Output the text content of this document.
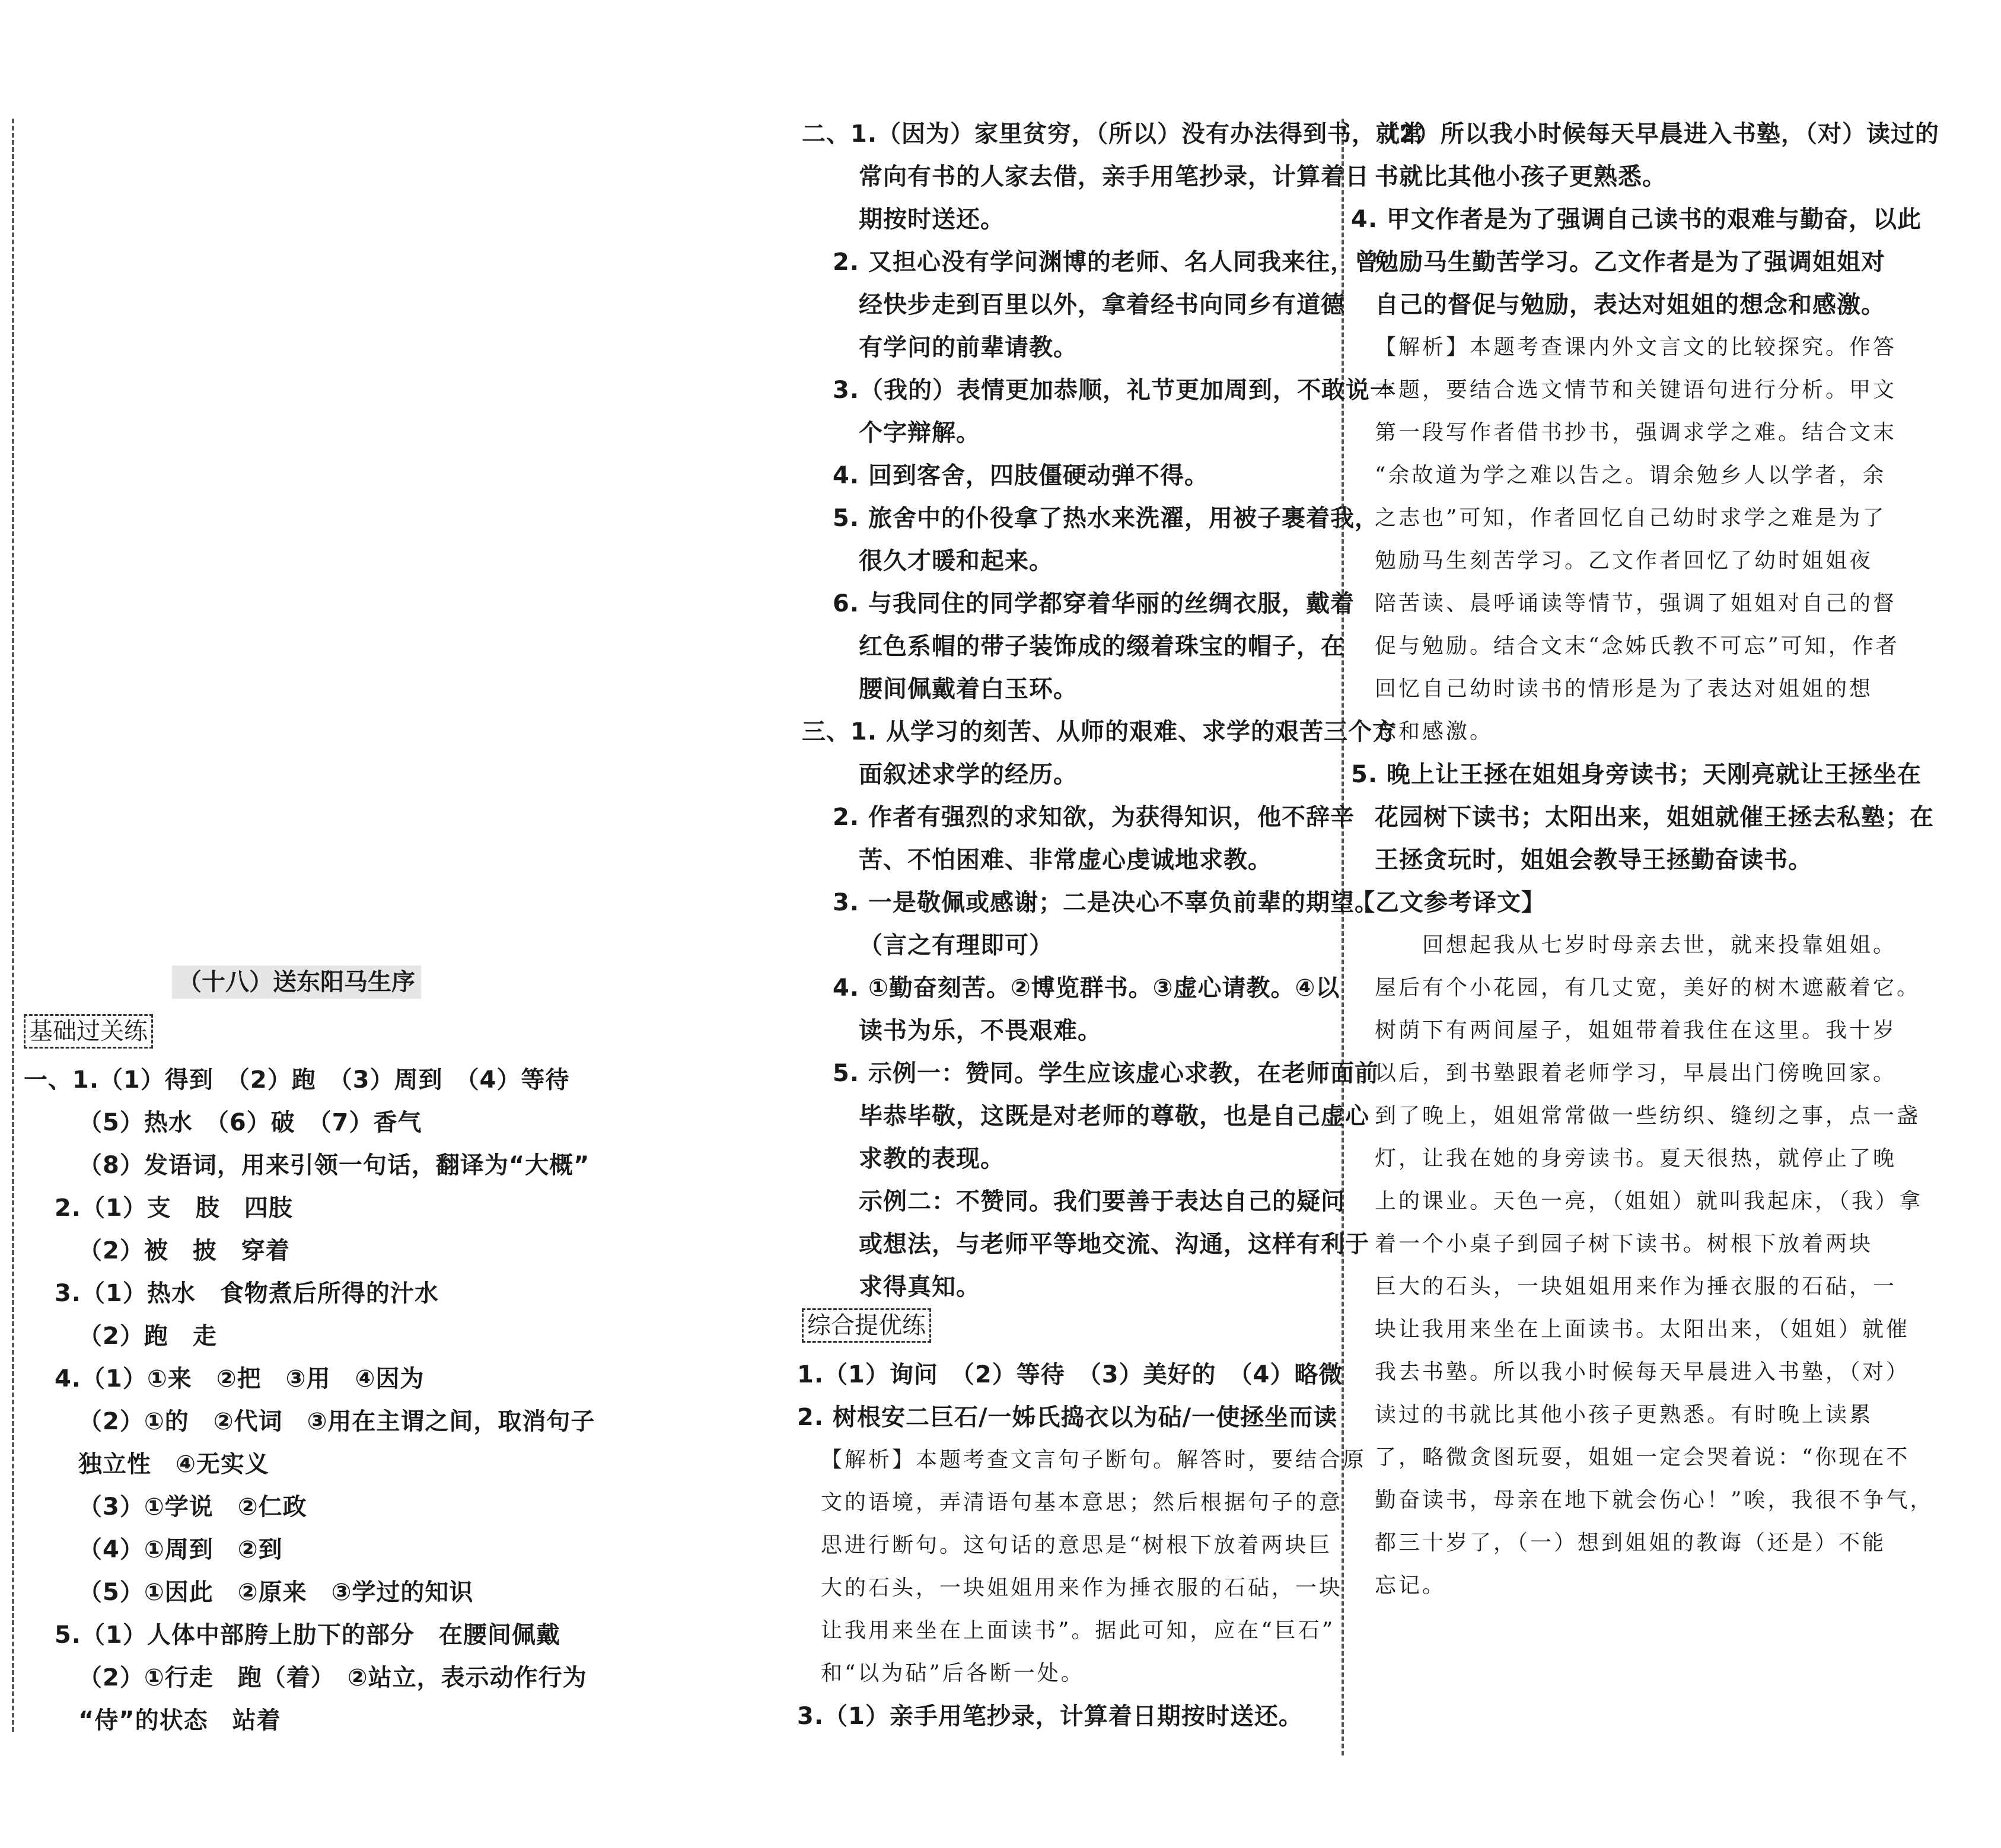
（十八）送东阳马生序
基础过关练
一、1.（1）得到　（2）跑　（3）周到　（4）等待
（5）热水　（6）破　（7）香气
（8）发语词，用来引领一句话，翻译为“大概”
2.（1）支　肢　四肢
（2）被　披　穿着
3.（1）热水　食物煮后所得的汁水
（2）跑　走
4.（1）①来　②把　③用　④因为
（2）①的　②代词　③用在主谓之间，取消句子
独立性　④无实义
（3）①学说　②仁政
（4）①周到　②到
（5）①因此　②原来　③学过的知识
5.（1）人体中部胯上肋下的部分　在腰间佩戴
（2）①行走　跑（着）　②站立，表示动作行为
“侍”的状态　站着
二、1.（因为）家里贫穷，（所以）没有办法得到书，就常
常向有书的人家去借，亲手用笔抄录，计算着日
期按时送还。
2. 又担心没有学问渊博的老师、名人同我来往，曾
经快步走到百里以外，拿着经书向同乡有道德
有学问的前辈请教。
3.（我的）表情更加恭顺，礼节更加周到，不敢说一
个字辩解。
4. 回到客舍，四肢僵硬动弹不得。
5. 旅舍中的仆役拿了热水来洗濯，用被子裹着我，
很久才暖和起来。
6. 与我同住的同学都穿着华丽的丝绸衣服，戴着
红色系帽的带子装饰成的缀着珠宝的帽子，在
腰间佩戴着白玉环。
三、1. 从学习的刻苦、从师的艰难、求学的艰苦三个方
面叙述求学的经历。
2. 作者有强烈的求知欲，为获得知识，他不辞辛
苦、不怕困难、非常虚心虔诚地求教。
3. 一是敬佩或感谢；二是决心不辜负前辈的期望。
（言之有理即可）
4. ①勤奋刻苦。②博览群书。③虚心请教。④以
读书为乐，不畏艰难。
5. 示例一：赞同。学生应该虚心求教，在老师面前
毕恭毕敬，这既是对老师的尊敬，也是自己虚心
求教的表现。
示例二：不赞同。我们要善于表达自己的疑问
或想法，与老师平等地交流、沟通，这样有利于
求得真知。
综合提优练
1.（1）询问　（2）等待　（3）美好的　（4）略微
2. 树根安二巨石/一姊氏捣衣以为砧/一使拯坐而读
【解析】本题考查文言句子断句。解答时，要结合原
文的语境，弄清语句基本意思；然后根据句子的意
思进行断句。这句话的意思是“树根下放着两块巨
大的石头，一块姐姐用来作为捶衣服的石砧，一块
让我用来坐在上面读书”。据此可知，应在“巨石”
和“以为砧”后各断一处。
3.（1）亲手用笔抄录，计算着日期按时送还。
（2）所以我小时候每天早晨进入书塾，（对）读过的
书就比其他小孩子更熟悉。
4. 甲文作者是为了强调自己读书的艰难与勤奋，以此
勉励马生勤苦学习。乙文作者是为了强调姐姐对
自己的督促与勉励，表达对姐姐的想念和感激。
【解析】本题考查课内外文言文的比较探究。作答
本题，要结合选文情节和关键语句进行分析。甲文
第一段写作者借书抄书，强调求学之难。结合文末
“余故道为学之难以告之。谓余勉乡人以学者，余
之志也”可知，作者回忆自己幼时求学之难是为了
勉励马生刻苦学习。乙文作者回忆了幼时姐姐夜
陪苦读、晨呼诵读等情节，强调了姐姐对自己的督
促与勉励。结合文末“念姊氏教不可忘”可知，作者
回忆自己幼时读书的情形是为了表达对姐姐的想
念和感激。
5. 晚上让王拯在姐姐身旁读书；天刚亮就让王拯坐在
花园树下读书；太阳出来，姐姐就催王拯去私塾；在
王拯贪玩时，姐姐会教导王拯勤奋读书。
【乙文参考译文】
回想起我从七岁时母亲去世，就来投靠姐姐。
屋后有个小花园，有几丈宽，美好的树木遮蔽着它。
树荫下有两间屋子，姐姐带着我住在这里。我十岁
以后，到书塾跟着老师学习，早晨出门傍晚回家。
到了晚上，姐姐常常做一些纺织、缝纫之事，点一盏
灯，让我在她的身旁读书。夏天很热，就停止了晚
上的课业。天色一亮，（姐姐）就叫我起床，（我）拿
着一个小桌子到园子树下读书。树根下放着两块
巨大的石头，一块姐姐用来作为捶衣服的石砧，一
块让我用来坐在上面读书。太阳出来，（姐姐）就催
我去书塾。所以我小时候每天早晨进入书塾，（对）
读过的书就比其他小孩子更熟悉。有时晚上读累
了，略微贪图玩耍，姐姐一定会哭着说：“你现在不
勤奋读书，母亲在地下就会伤心！”唉，我很不争气，
都三十岁了，（一）想到姐姐的教诲（还是）不能
忘记。
